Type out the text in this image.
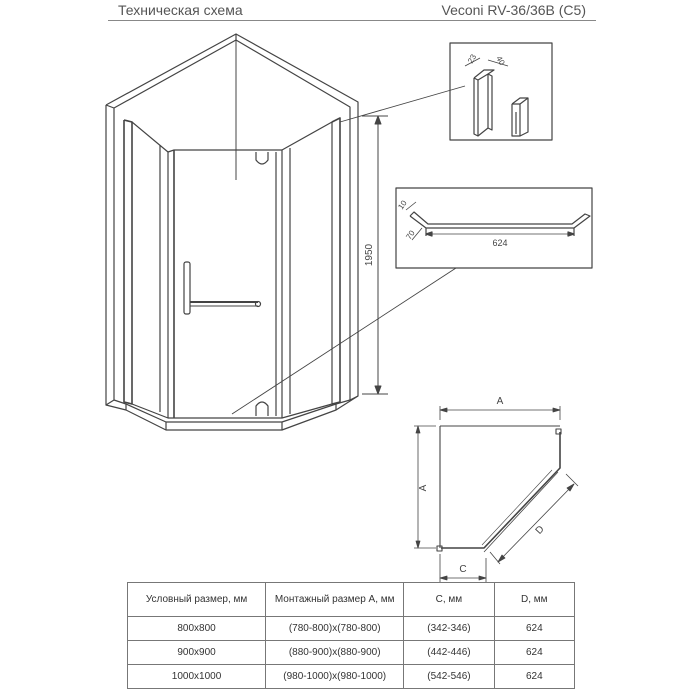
Техническая схема	Veconi RV-36/36B (C5)
1950
23 40
10
70
624
A
A
C
D
Условный размер, мм	Монтажный размер А, мм	C, мм	D, мм
800x800	(780-800)x(780-800)	(342-346)	624
900x900	(880-900)x(880-900)	(442-446)	624
1000x1000	(980-1000)x(980-1000)	(542-546)	624
